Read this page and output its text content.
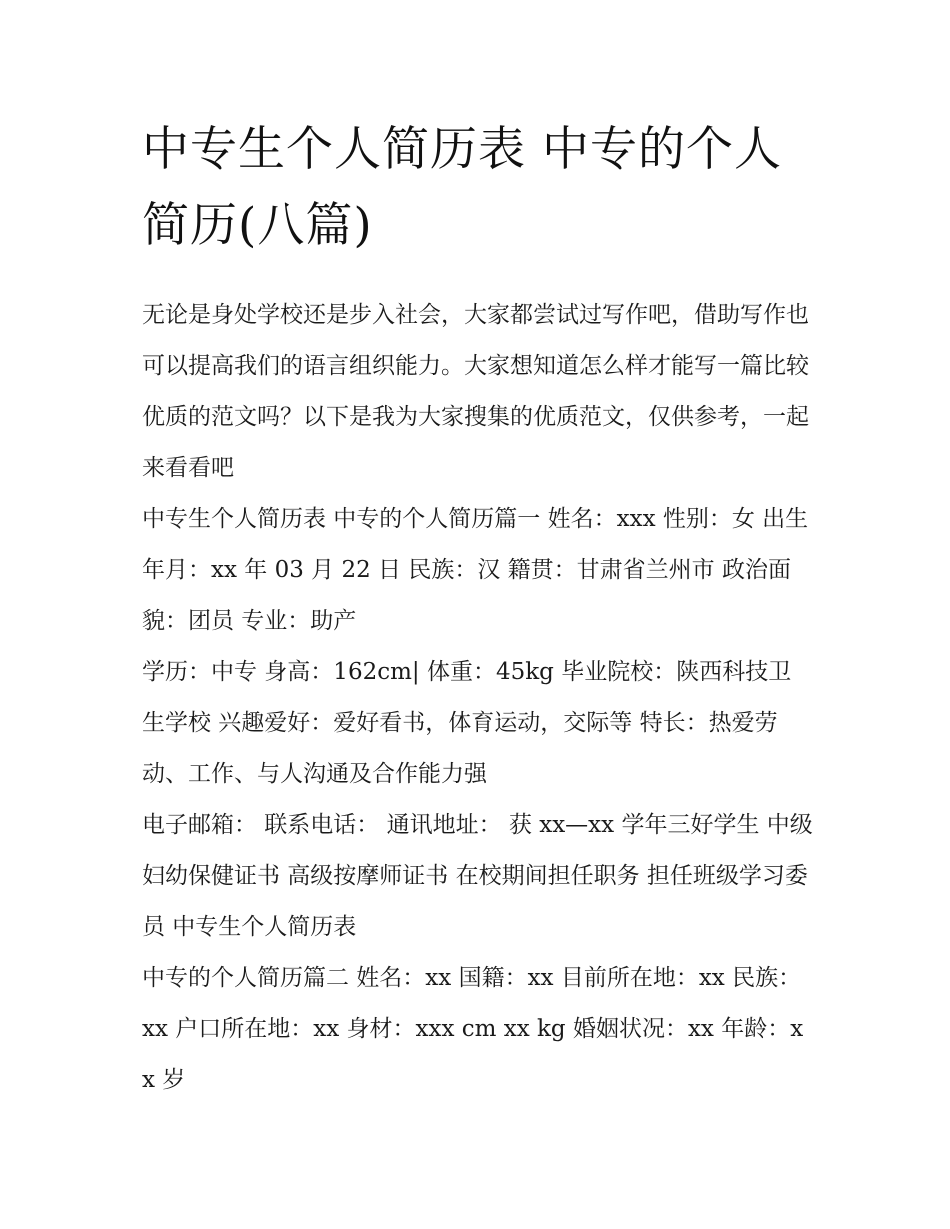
中专生个人简历表 中专的个人简历(八篇)

无论是身处学校还是步入社会，大家都尝试过写作吧，借助写作也可以提高我们的语言组织能力。大家想知道怎么样才能写一篇比较优质的范文吗？以下是我为大家搜集的优质范文，仅供参考，一起来看看吧

中专生个人简历表 中专的个人简历篇一 姓名：xxx 性别：女 出生年月：xx 年 03 月 22 日 民族：汉 籍贯：甘肃省兰州市 政治面貌：团员 专业：助产

学历：中专 身高：162cm| 体重：45kg 毕业院校：陕西科技卫生学校 兴趣爱好：爱好看书，体育运动，交际等 特长：热爱劳动、工作、与人沟通及合作能力强

电子邮箱： 联系电话： 通讯地址： 获 xx—xx 学年三好学生 中级妇幼保健证书 高级按摩师证书 在校期间担任职务 担任班级学习委员 中专生个人简历表

中专的个人简历篇二 姓名：xx 国籍：xx 目前所在地：xx 民族：xx 户口所在地：xx 身材：xxx cm xx kg 婚姻状况：xx 年龄：xx 岁
